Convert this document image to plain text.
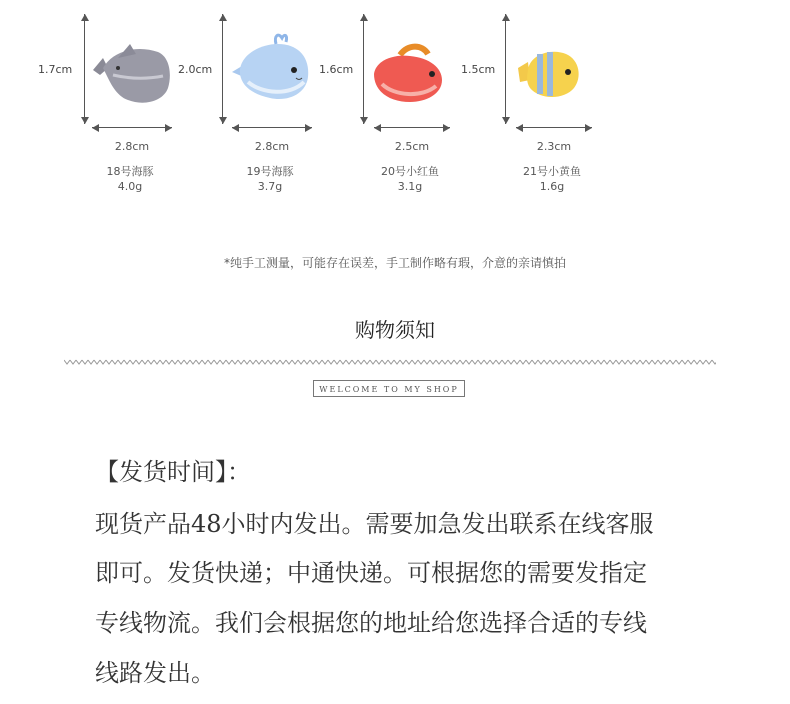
1.7cm
2.8cm
18号海豚
4.0g
2.0cm
2.8cm
19号海豚
3.7g
1.6cm
2.5cm
20号小红鱼
3.1g
1.5cm
2.3cm
21号小黄鱼
1.6g
*纯手工测量，可能存在误差，手工制作略有瑕，介意的亲请慎拍
购物须知
WELCOME TO MY SHOP
【发货时间】：
现货产品48小时内发出。需要加急发出联系在线客服
即可。发货快递；中通快递。可根据您的需要发指定
专线物流。我们会根据您的地址给您选择合适的专线
线路发出。
